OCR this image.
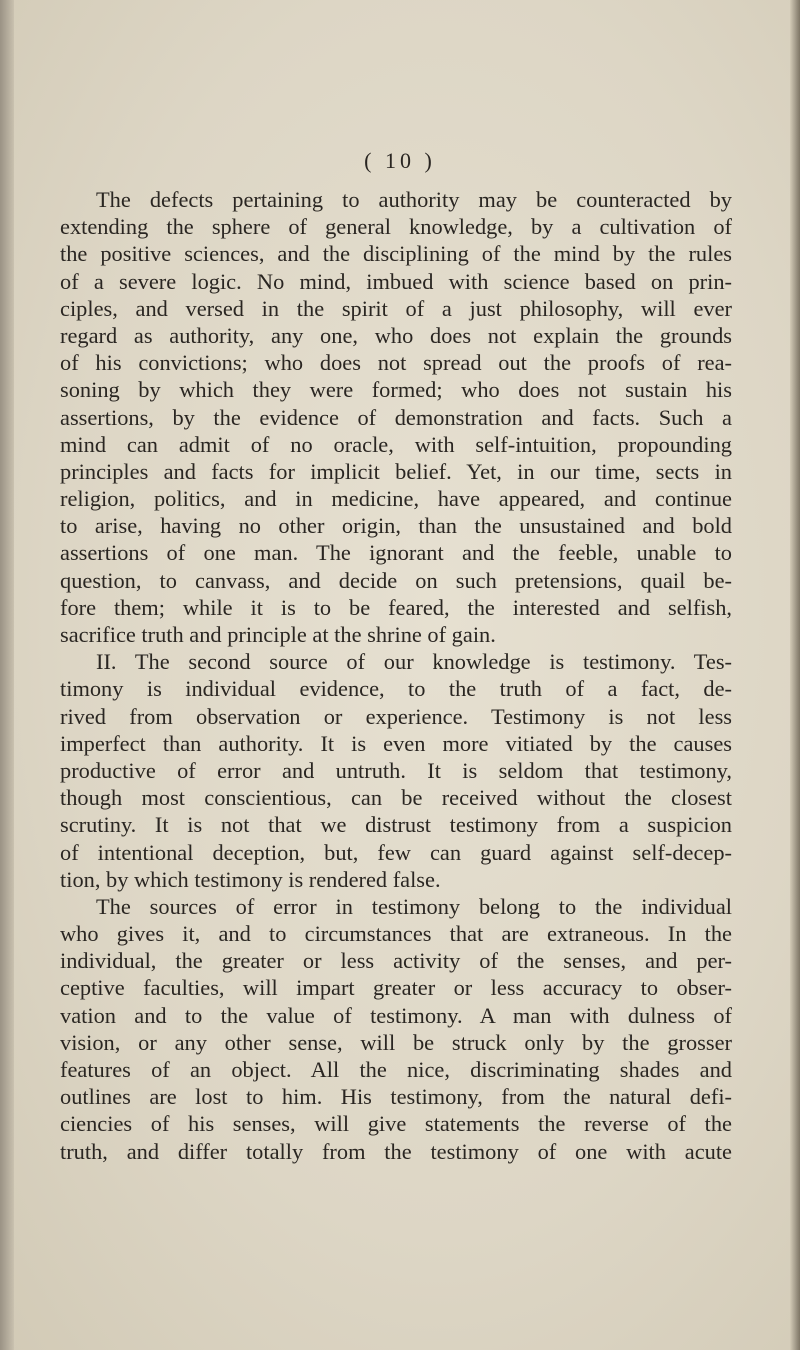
( 10 )
The defects pertaining to authority may be counteracted by
extending the sphere of general knowledge, by a cultivation of
the positive sciences, and the disciplining of the mind by the rules
of a severe logic. No mind, imbued with science based on prin-
ciples, and versed in the spirit of a just philosophy, will ever
regard as authority, any one, who does not explain the grounds
of his convictions; who does not spread out the proofs of rea-
soning by which they were formed; who does not sustain his
assertions, by the evidence of demonstration and facts. Such a
mind can admit of no oracle, with self-intuition, propounding
principles and facts for implicit belief. Yet, in our time, sects in
religion, politics, and in medicine, have appeared, and continue
to arise, having no other origin, than the unsustained and bold
assertions of one man. The ignorant and the feeble, unable to
question, to canvass, and decide on such pretensions, quail be-
fore them; while it is to be feared, the interested and selfish,
sacrifice truth and principle at the shrine of gain.
II. The second source of our knowledge is testimony. Tes-
timony is individual evidence, to the truth of a fact, de-
rived from observation or experience. Testimony is not less
imperfect than authority. It is even more vitiated by the causes
productive of error and untruth. It is seldom that testimony,
though most conscientious, can be received without the closest
scrutiny. It is not that we distrust testimony from a suspicion
of intentional deception, but, few can guard against self-decep-
tion, by which testimony is rendered false.
The sources of error in testimony belong to the individual
who gives it, and to circumstances that are extraneous. In the
individual, the greater or less activity of the senses, and per-
ceptive faculties, will impart greater or less accuracy to obser-
vation and to the value of testimony. A man with dulness of
vision, or any other sense, will be struck only by the grosser
features of an object. All the nice, discriminating shades and
outlines are lost to him. His testimony, from the natural defi-
ciencies of his senses, will give statements the reverse of the
truth, and differ totally from the testimony of one with acute
